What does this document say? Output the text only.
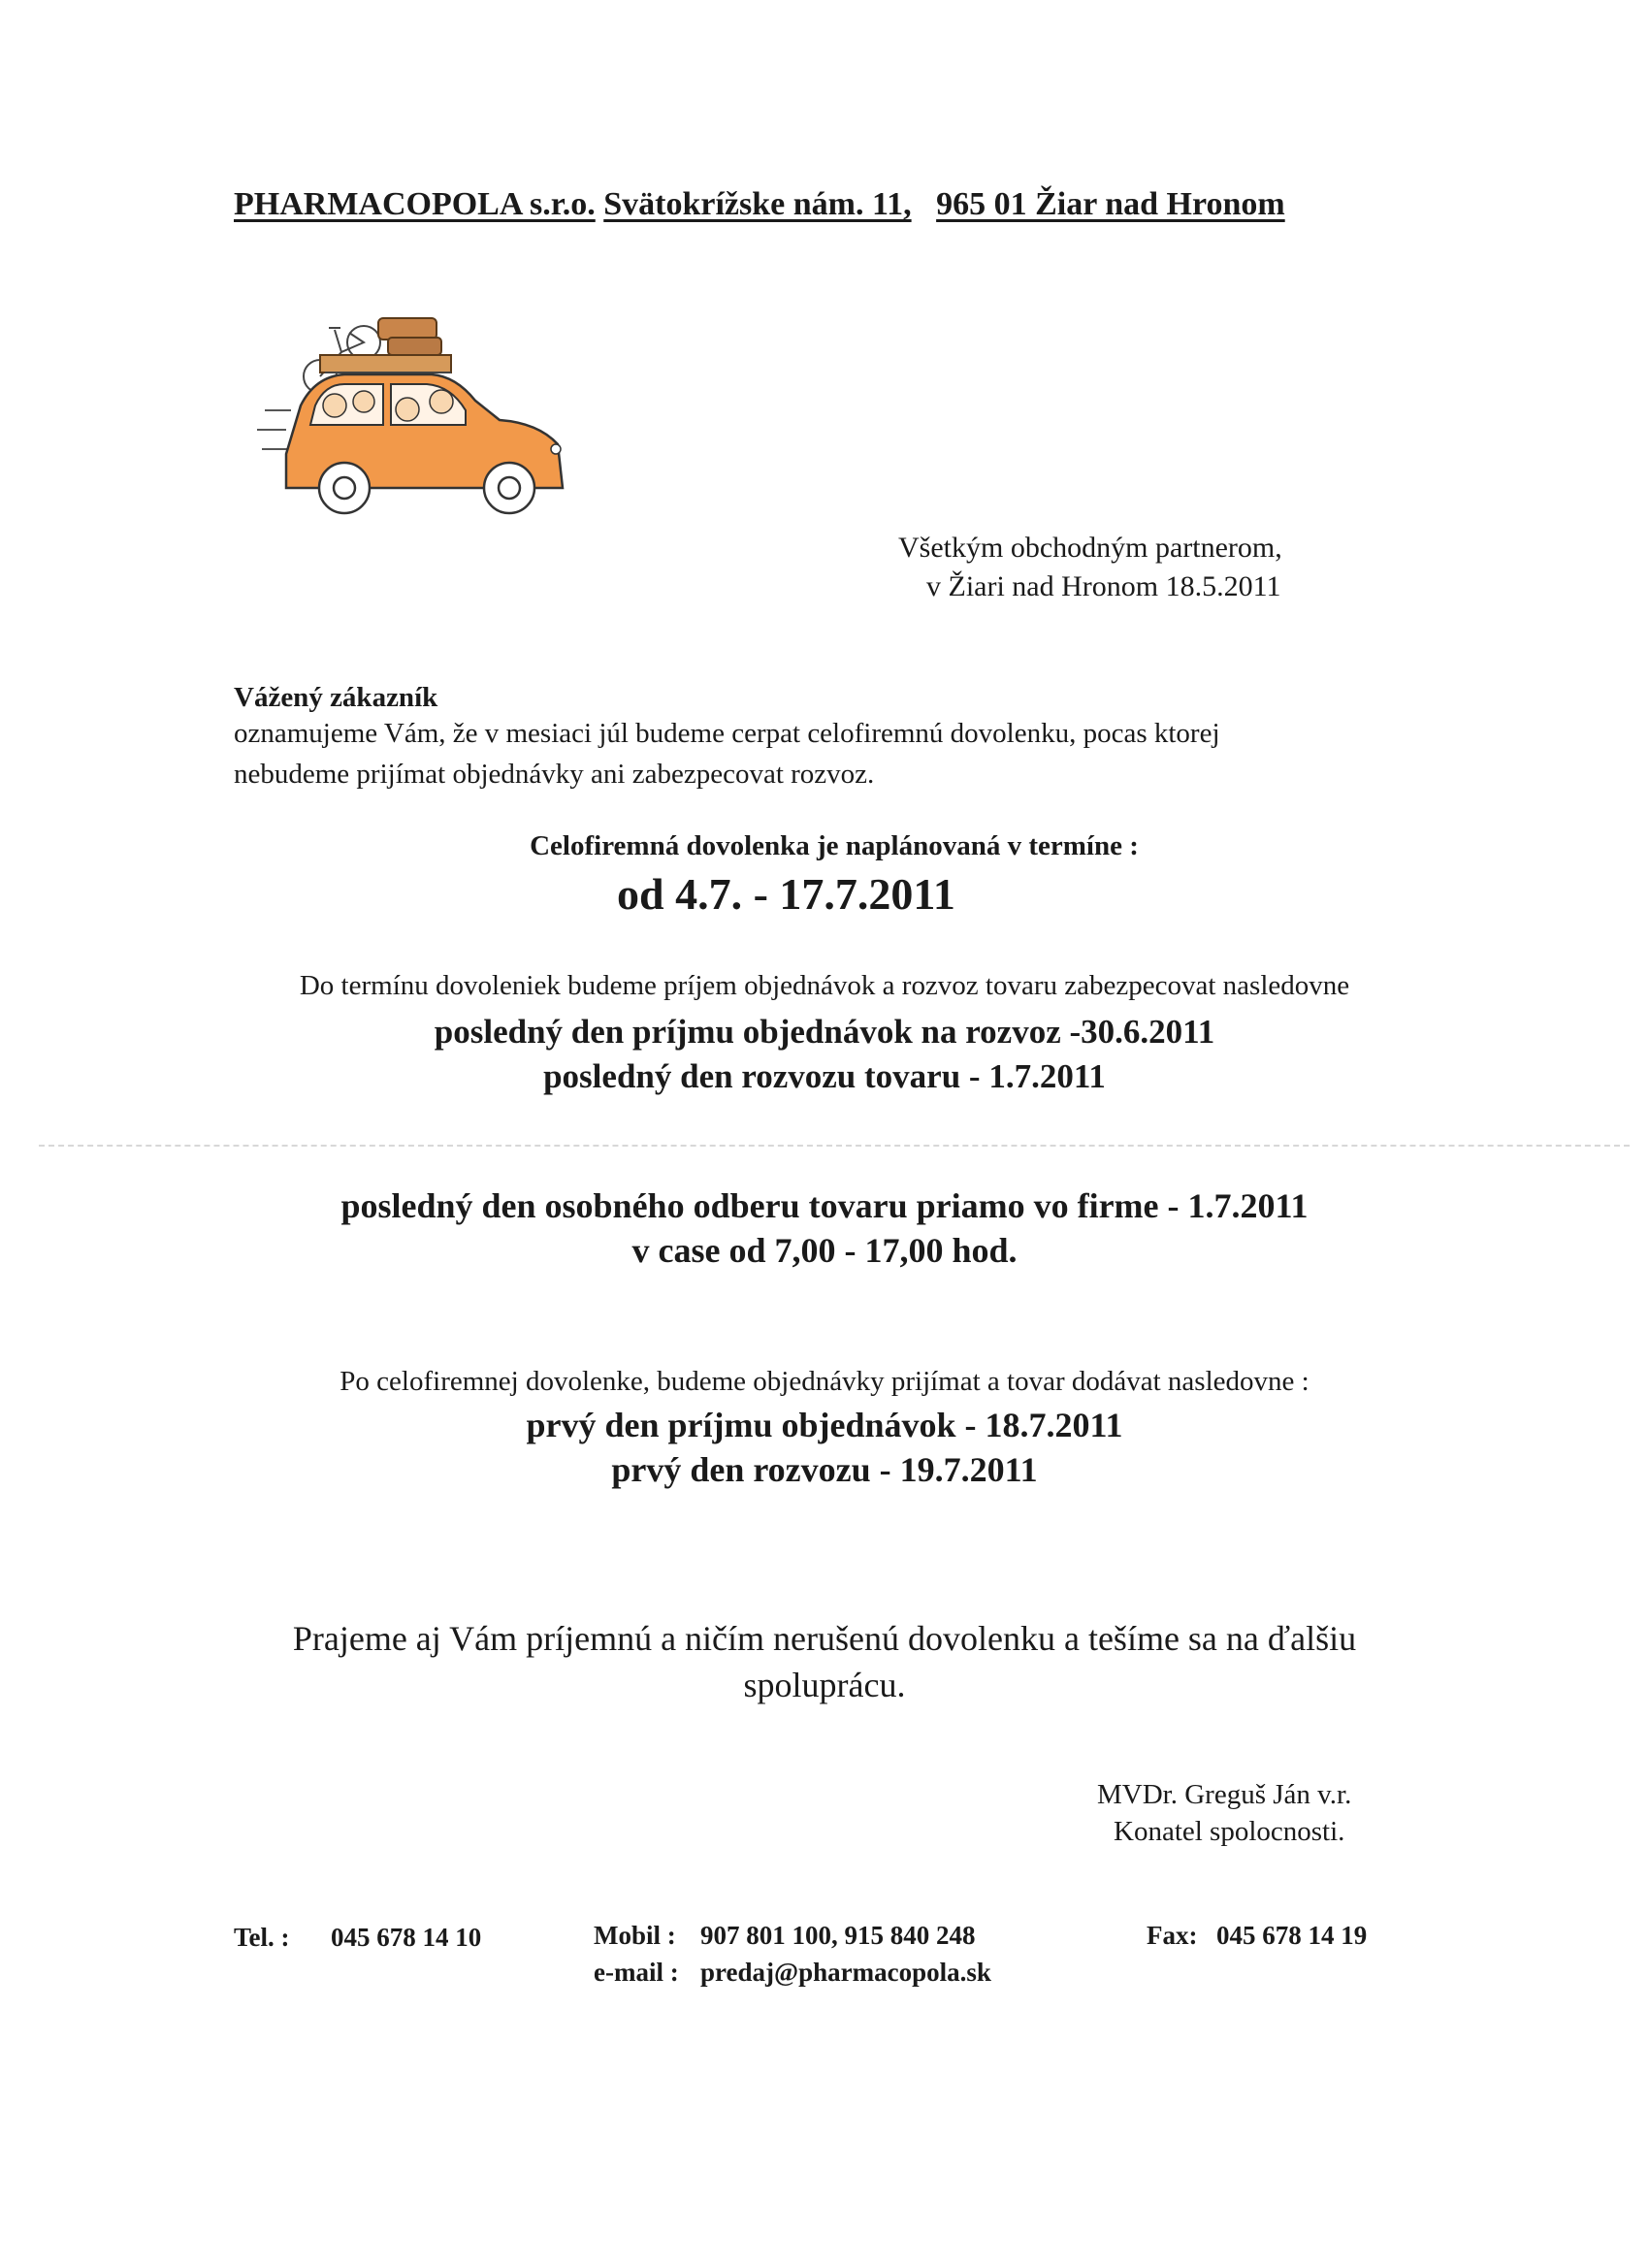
PHARMACOPOLA s.r.o. Svätokrížske nám. 11, 965 01 Žiar nad Hronom
Všetkým obchodným partnerom,
v Žiari nad Hronom 18.5.2011
Vážený zákazník
oznamujeme Vám, že v mesiaci júl budeme cerpat celofiremnú dovolenku, pocas ktorej
nebudeme prijímat objednávky ani zabezpecovat rozvoz.
Celofiremná dovolenka je naplánovaná v termíne :
od 4.7. - 17.7.2011
Do termínu dovoleniek budeme príjem objednávok a rozvoz tovaru zabezpecovat nasledovne
posledný den príjmu objednávok na rozvoz -30.6.2011
posledný den rozvozu tovaru - 1.7.2011
posledný den osobného odberu tovaru priamo vo firme - 1.7.2011
v case od 7,00 - 17,00 hod.
Po celofiremnej dovolenke, budeme objednávky prijímat a tovar dodávat nasledovne :
prvý den príjmu objednávok - 18.7.2011
prvý den rozvozu - 19.7.2011
Prajeme aj Vám príjemnú a ničím nerušenú dovolenku a tešíme sa na ďalšiu
spoluprácu.
MVDr. Greguš Ján v.r.
Konatel spolocnosti.
Tel. : 045 678 14 10	Mobil : 907 801 100, 915 840 248
e-mail : predaj@pharmacopola.sk
Fax: 045 678 14 19
